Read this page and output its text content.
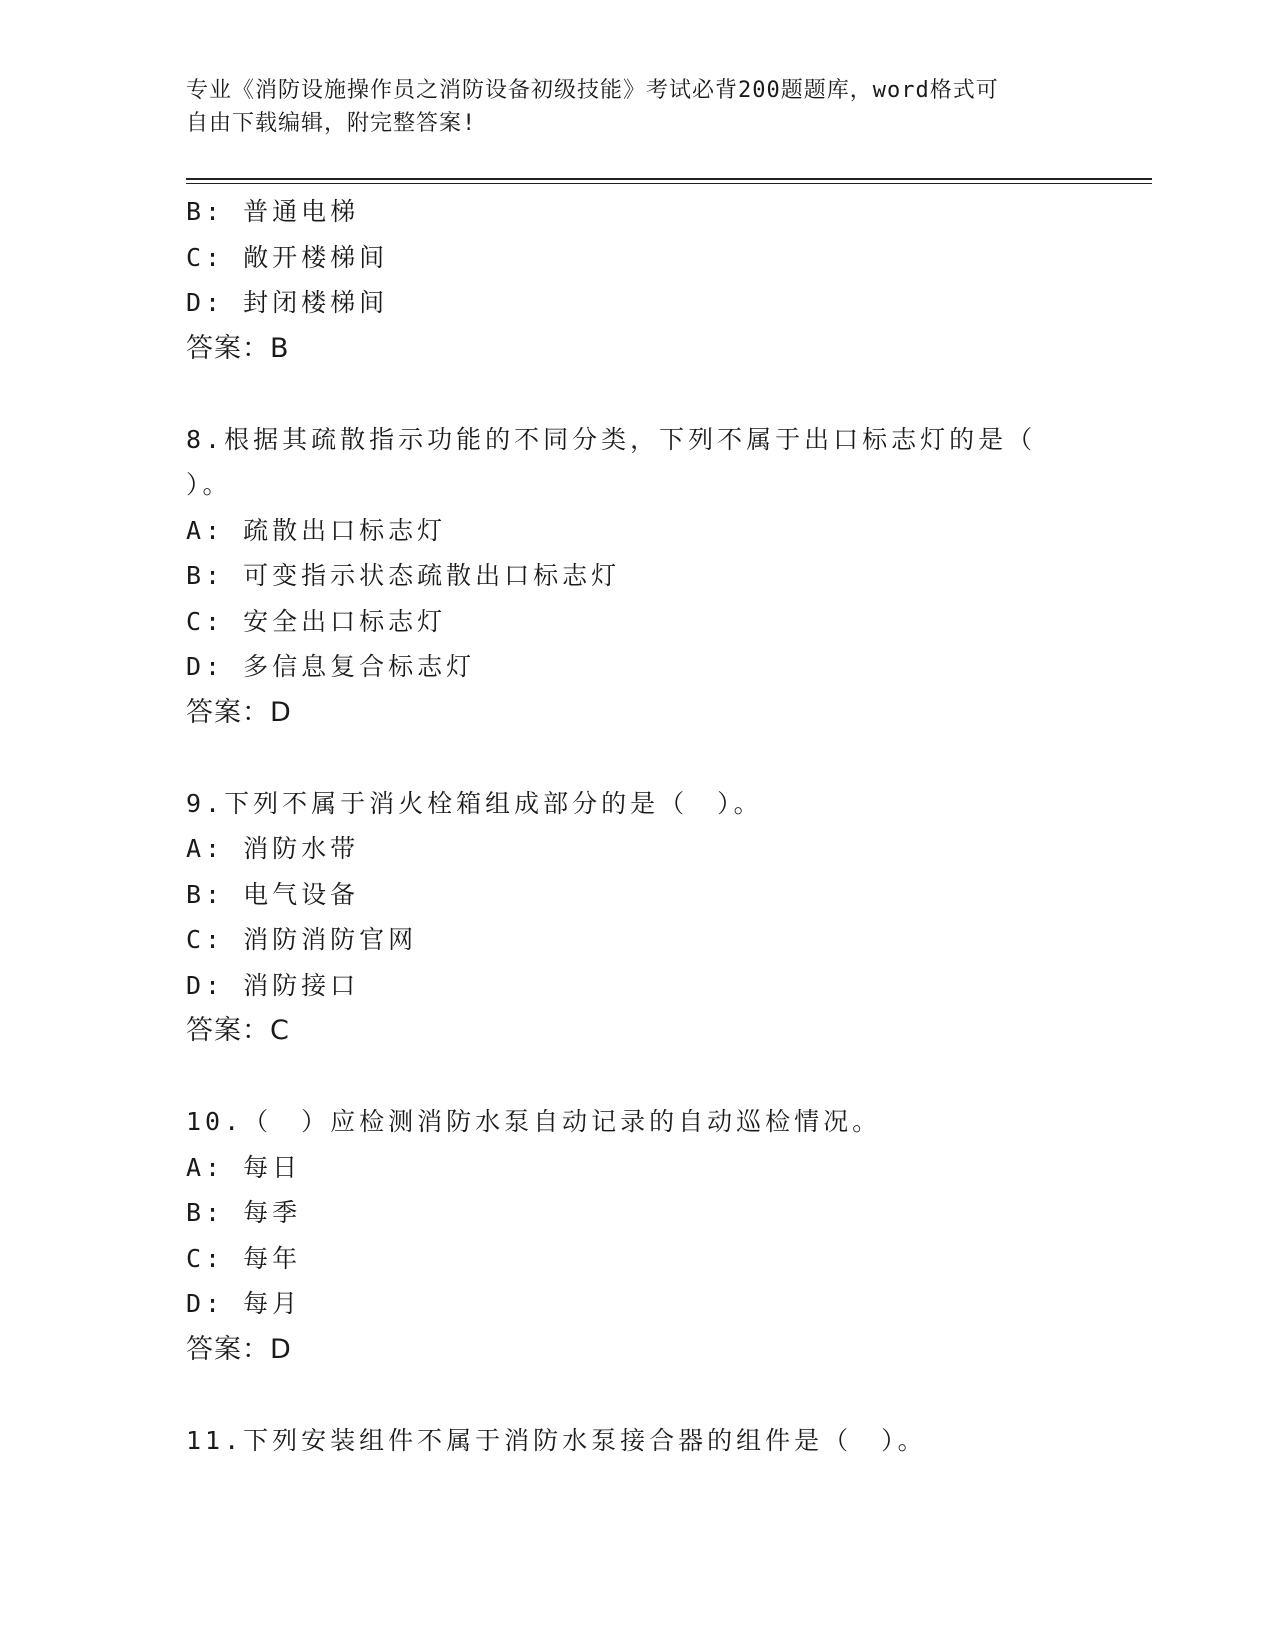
专业《消防设施操作员之消防设备初级技能》考试必背200题题库，word格式可
自由下载编辑，附完整答案!
B: 普通电梯
C: 敞开楼梯间
D: 封闭楼梯间
答案：B
8.根据其疏散指示功能的不同分类，下列不属于出口标志灯的是（
）。
A: 疏散出口标志灯
B: 可变指示状态疏散出口标志灯
C: 安全出口标志灯
D: 多信息复合标志灯
答案：D
9.下列不属于消火栓箱组成部分的是（　）。
A: 消防水带
B: 电气设备
C: 消防消防官网
D: 消防接口
答案：C
10.（　）应检测消防水泵自动记录的自动巡检情况。
A: 每日
B: 每季
C: 每年
D: 每月
答案：D
11.下列安装组件不属于消防水泵接合器的组件是（　）。
